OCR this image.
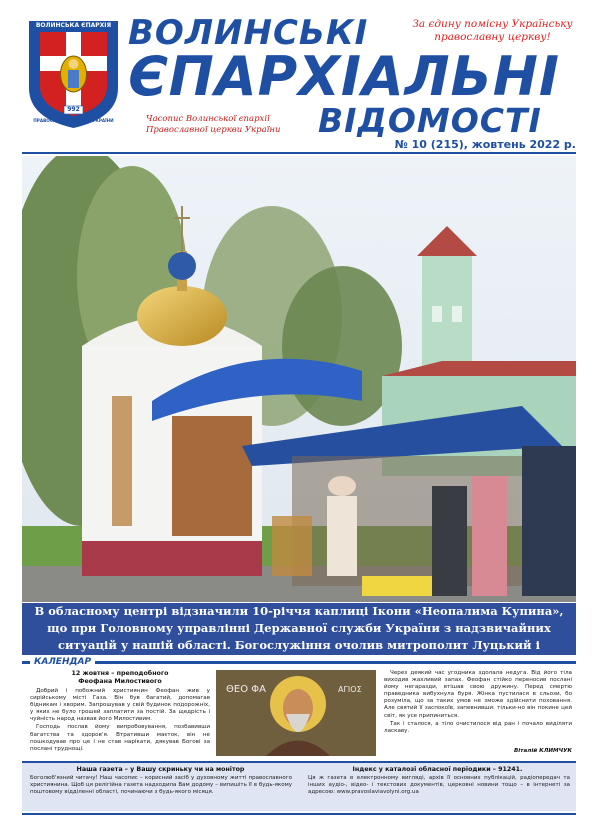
ВОЛИНСЬКА ЄПАРХІЯ
992
ПРАВОСЛАВНА ЦЕРКВА УКРАЇНИ
ВОЛИНСЬКІ
ЄПАРХІАЛЬНІ
ВІДОМОСТІ
За єдину помісну Українську православну церкву!
Часопис Волинської єпархії
Православної церкви України
№ 10 (215), жовтень 2022 р.
В обласному центрі відзначили 10-річчя каплиці Ікони «Неопалима Купина», що при Головному управлінні Державної служби України з надзвичайних ситуацій у нашій області. Богослужіння очолив митрополит Луцький і
КАЛЕНДАР
12 жовтня – преподобного
Феофана Милостивого

Добрий і побожний християнин Феофан жив у сирійському місті Газа. Він був багатий, допомагав бідникам і хворим. Запрошував у свій будинок подорожніх, у яких не було грошей заплатити за постій. За щедрість і чуйність народ назвав його Милостивим.

Господь послав йому випробовування, позбавивши багатства та здоров'я. Втративши маєток, він не пошкодував про це і не став нарікати, дякував Богові за послані труднощі.

ΘΕΟ ΦΑ	ΑΓΙΟΣ

Через деякий час угодника здолала недуга. Від його тіла виходив жахливий запах. Феофан стійко переносив послані йому негаразди, втішав свою дружину. Перед смертю праведника вибухнула буря. Жінка пустилася в сльози, бо розуміла, що за таких умов не зможе здійснити поховання. Але святий її заспокоїв, запевнивши: тільки-но він покине цей світ, як усе припиниться.

Так і сталося, а тіло очистилося від ран і почало виділяти ласкаву.

Віталій КЛИМЧУК
Наша газета – у Вашу скриньку чи на монітор	Індекс у каталозі обласної періодики – 91241.
Боголюб'язний читачу! Наш часопис – корисний засіб у духовному житті православного християнина. Щоб ця релігійна газета надходила Вам додому – випишіть її в будь-якому поштовому відділенні області, починаючи з будь-якого місяця.
Ця ж газета в електронному вигляді, архів її основних публікацій, радіопередач та інших аудіо-, відео- і текстових документів, церковні новини тощо – в інтернеті за адресою: www.pravoslaviavolyni.org.ua
